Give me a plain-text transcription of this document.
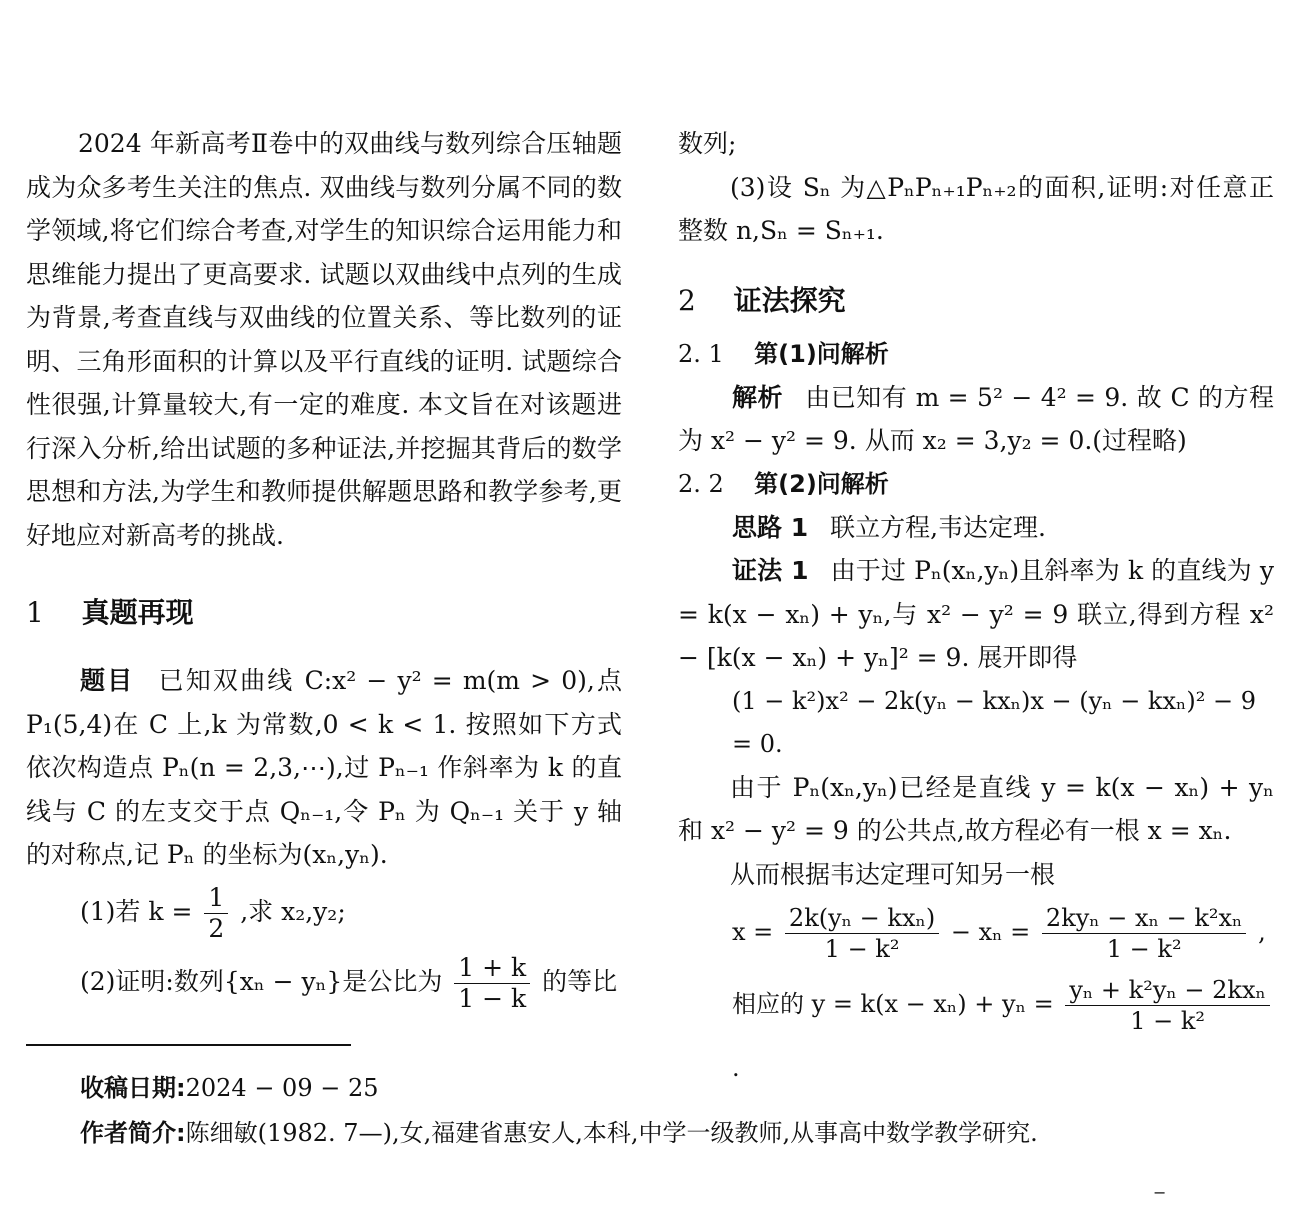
2024 年新高考Ⅱ卷中的双曲线与数列综合压轴题成为众多考生关注的焦点. 双曲线与数列分属不同的数学领域,将它们综合考查,对学生的知识综合运用能力和思维能力提出了更高要求. 试题以双曲线中点列的生成为背景,考查直线与双曲线的位置关系、等比数列的证明、三角形面积的计算以及平行直线的证明. 试题综合性很强,计算量较大,有一定的难度. 本文旨在对该题进行深入分析,给出试题的多种证法,并挖掘其背后的数学思想和方法,为学生和教师提供解题思路和教学参考,更好地应对新高考的挑战.

1 真题再现

题目 已知双曲线 C:x² − y² = m(m > 0),点 P₁(5,4)在 C 上,k 为常数,0 < k < 1. 按照如下方式依次构造点 Pₙ(n = 2,3,⋯),过 Pₙ₋₁ 作斜率为 k 的直线与 C 的左支交于点 Qₙ₋₁,令 Pₙ 为 Qₙ₋₁ 关于 y 轴的对称点,记 Pₙ 的坐标为(xₙ,yₙ).

(1)若 $k = \frac{1}{2}$ ,求 x₂,y₂;
(2)证明:数列{xₙ − yₙ}是公比为 $\frac{1 + k}{1 - k}$ 的等比

数列;

(3)设 Sₙ 为△PₙPₙ₊₁Pₙ₊₂的面积,证明:对任意正整数 n,Sₙ = Sₙ₊₁.

2 证法探究
2. 1 第(1)问解析

解析 由已知有 m = 5² − 4² = 9. 故 C 的方程为 x² − y² = 9. 从而 x₂ = 3,y₂ = 0.(过程略)

2. 2 第(2)问解析

思路 1 联立方程,韦达定理.

证法 1 由于过 Pₙ(xₙ,yₙ)且斜率为 k 的直线为 y = k(x − xₙ) + yₙ,与 x² − y² = 9 联立,得到方程 x² − [k(x − xₙ) + yₙ]² = 9. 展开即得

(1 − k²)x² − 2k(yₙ − kxₙ)x − (yₙ − kxₙ)² − 9 = 0.

由于 Pₙ(xₙ,yₙ)已经是直线 y = k(x − xₙ) + yₙ 和 x² − y² = 9 的公共点,故方程必有一根 x = xₙ.

从而根据韦达定理可知另一根

$x = \frac{\text{2k(yₙ − kxₙ)}}{\text{1 − k²}} - x_n = \frac{\text{2kyₙ − xₙ − k²xₙ}}{\text{1 − k²}}$ ,
相应的 $y = k(x - x_n) + y_n = \frac{\text{yₙ + k²yₙ − 2kxₙ}}{\text{1 − k²}}$
.
收稿日期:2024 − 09 − 25
作者简介:陈细敏(1982. 7—),女,福建省惠安人,本科,中学一级教师,从事高中数学教学研究.
−
